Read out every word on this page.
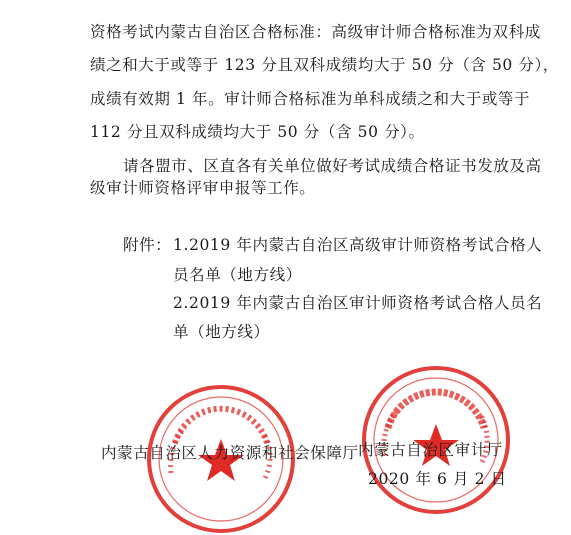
资格考试内蒙古自治区合格标准：高级审计师合格标准为双科成
绩之和大于或等于 123 分且双科成绩均大于 50 分（含 50 分），
成绩有效期 1 年。审计师合格标准为单科成绩之和大于或等于
112 分且双科成绩均大于 50 分（含 50 分）。
请各盟市、区直各有关单位做好考试成绩合格证书发放及高
级审计师资格评审申报等工作。
附件： 1.2019 年内蒙古自治区高级审计师资格考试合格人
员名单（地方线）
2.2019 年内蒙古自治区审计师资格考试合格人员名
单（地方线）
内蒙古自治区人力资源和社会保障厅 内蒙古自治区审计厅
2020 年 6 月 2 日
